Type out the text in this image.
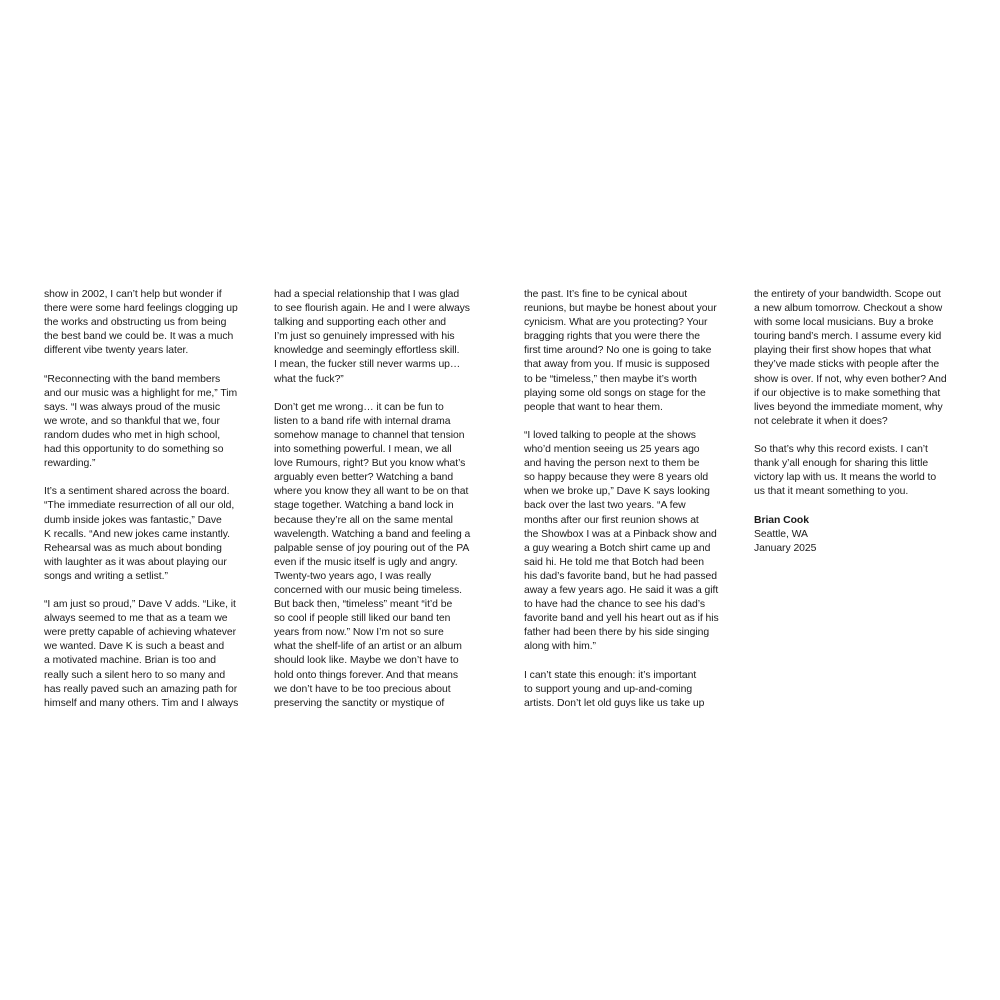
show in 2002, I can’t help but wonder if
there were some hard feelings clogging up
the works and obstructing us from being
the best band we could be. It was a much
different vibe twenty years later.

“Reconnecting with the band members
and our music was a highlight for me,” Tim
says. “I was always proud of the music
we wrote, and so thankful that we, four
random dudes who met in high school,
had this opportunity to do something so
rewarding.”

It’s a sentiment shared across the board.
“The immediate resurrection of all our old,
dumb inside jokes was fantastic,” Dave
K recalls. “And new jokes came instantly.
Rehearsal was as much about bonding
with laughter as it was about playing our
songs and writing a setlist.”

“I am just so proud,” Dave V adds. “Like, it
always seemed to me that as a team we
were pretty capable of achieving whatever
we wanted. Dave K is such a beast and
a motivated machine. Brian is too and
really such a silent hero to so many and
has really paved such an amazing path for
himself and many others. Tim and I always

had a special relationship that I was glad
to see flourish again. He and I were always
talking and supporting each other and
I’m just so genuinely impressed with his
knowledge and seemingly effortless skill.
I mean, the fucker still never warms up…
what the fuck?”

Don’t get me wrong… it can be fun to
listen to a band rife with internal drama
somehow manage to channel that tension
into something powerful. I mean, we all
love Rumours, right? But you know what’s
arguably even better? Watching a band
where you know they all want to be on that
stage together. Watching a band lock in
because they’re all on the same mental
wavelength. Watching a band and feeling a
palpable sense of joy pouring out of the PA
even if the music itself is ugly and angry.
Twenty-two years ago, I was really
concerned with our music being timeless.
But back then, “timeless” meant “it’d be
so cool if people still liked our band ten
years from now.” Now I’m not so sure
what the shelf-life of an artist or an album
should look like. Maybe we don’t have to
hold onto things forever. And that means
we don’t have to be too precious about
preserving the sanctity or mystique of

the past. It’s fine to be cynical about
reunions, but maybe be honest about your
cynicism. What are you protecting? Your
bragging rights that you were there the
first time around? No one is going to take
that away from you. If music is supposed
to be “timeless,” then maybe it’s worth
playing some old songs on stage for the
people that want to hear them.

“I loved talking to people at the shows
who’d mention seeing us 25 years ago
and having the person next to them be
so happy because they were 8 years old
when we broke up,” Dave K says looking
back over the last two years. “A few
months after our first reunion shows at
the Showbox I was at a Pinback show and
a guy wearing a Botch shirt came up and
said hi. He told me that Botch had been
his dad’s favorite band, but he had passed
away a few years ago. He said it was a gift
to have had the chance to see his dad’s
favorite band and yell his heart out as if his
father had been there by his side singing
along with him.”

I can’t state this enough: it’s important
to support young and up-and-coming
artists. Don’t let old guys like us take up

the entirety of your bandwidth. Scope out
a new album tomorrow. Checkout a show
with some local musicians. Buy a broke
touring band’s merch. I assume every kid
playing their first show hopes that what
they’ve made sticks with people after the
show is over. If not, why even bother? And
if our objective is to make something that
lives beyond the immediate moment, why
not celebrate it when it does?

So that’s why this record exists. I can’t
thank y’all enough for sharing this little
victory lap with us. It means the world to
us that it meant something to you.

Brian Cook
Seattle, WA
January 2025
